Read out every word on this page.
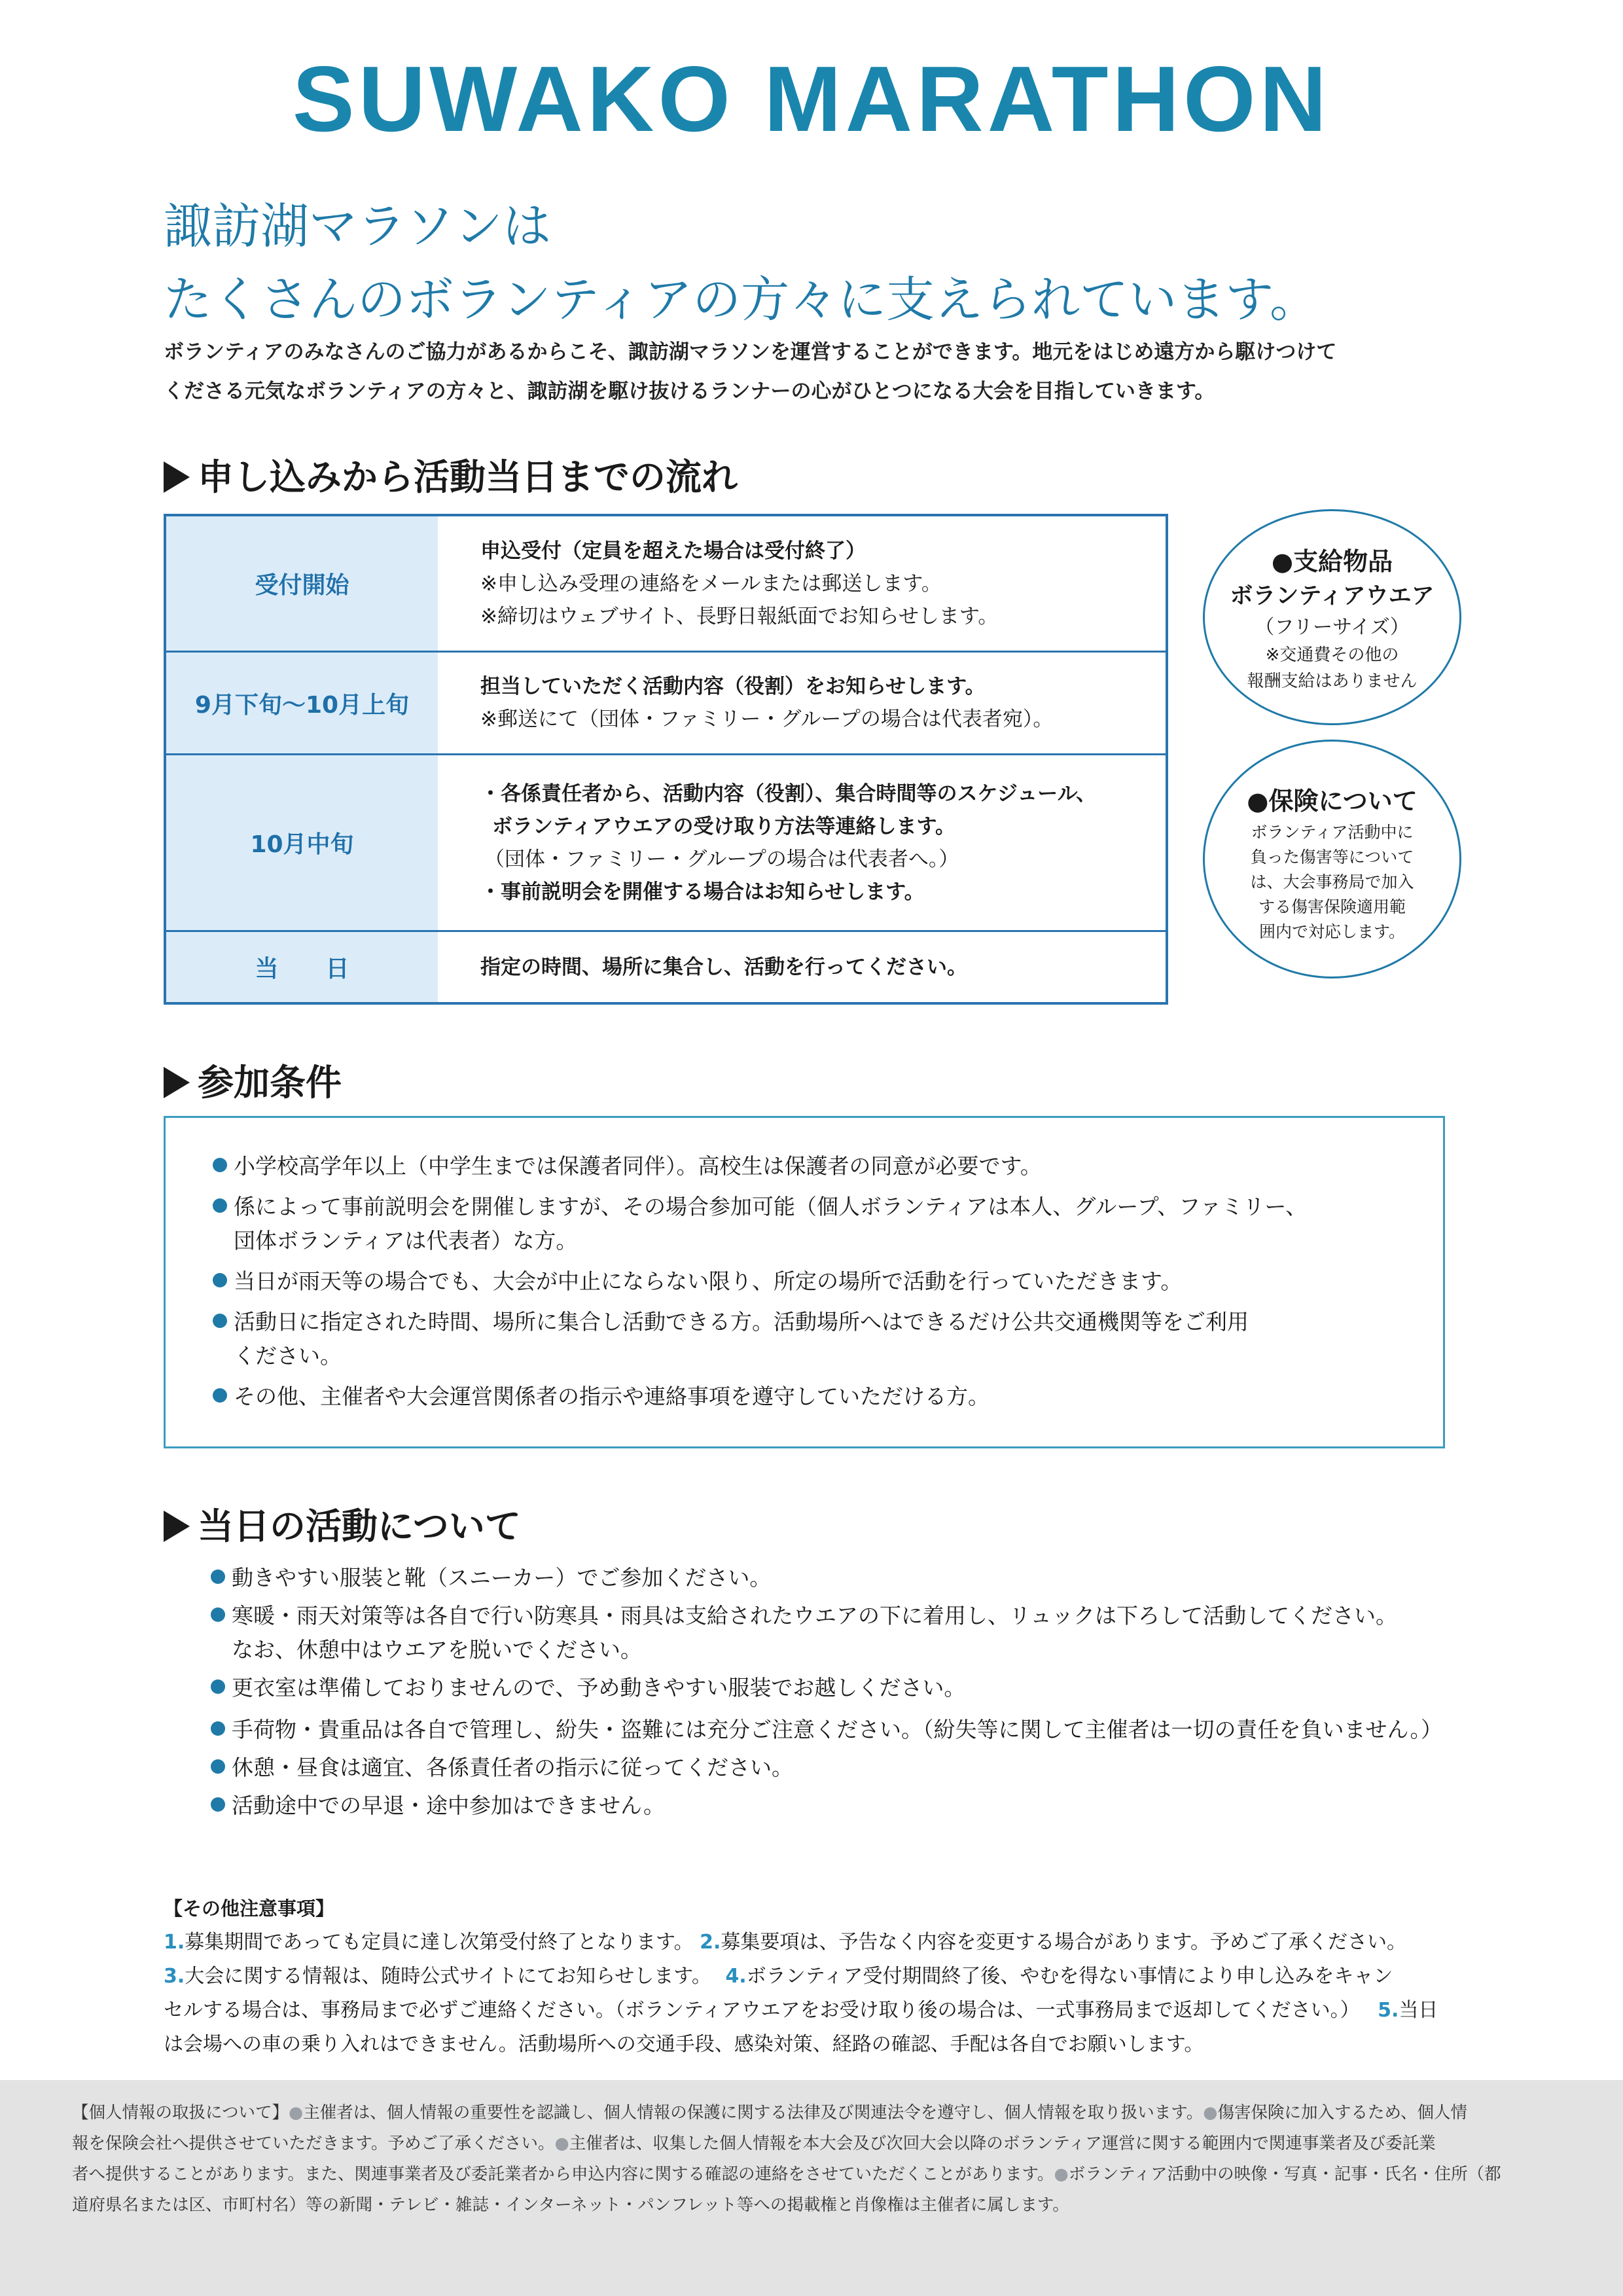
SUWAKO MARATHON
諏訪湖マラソンは
たくさんのボランティアの方々に支えられています。
ボランティアのみなさんのご協力があるからこそ、諏訪湖マラソンを運営することができます。地元をはじめ遠方から駆けつけて
くださる元気なボランティアの方々と、諏訪湖を駆け抜けるランナーの心がひとつになる大会を目指していきます。
申し込みから活動当日までの流れ
受付開始
申込受付（定員を超えた場合は受付終了）
※申し込み受理の連絡をメールまたは郵送します。
※締切はウェブサイト、長野日報紙面でお知らせします。
9月下旬〜10月上旬
担当していただく活動内容（役割）をお知らせします。
※郵送にて（団体・ファミリー・グループの場合は代表者宛）。
10月中旬
・各係責任者から、活動内容（役割）、集合時間等のスケジュール、
ボランティアウエアの受け取り方法等連絡します。
（団体・ファミリー・グループの場合は代表者へ。）
・事前説明会を開催する場合はお知らせします。
当　　日	指定の時間、場所に集合し、活動を行ってください。
●支給物品
ボランティアウエア
（フリーサイズ）
※交通費その他の
報酬支給はありません
●保険について
ボランティア活動中に
負った傷害等について
は、大会事務局で加入
する傷害保険適用範
囲内で対応します。
参加条件
小学校高学年以上（中学生までは保護者同伴）。高校生は保護者の同意が必要です。
係によって事前説明会を開催しますが、その場合参加可能（個人ボランティアは本人、グループ、ファミリー、
団体ボランティアは代表者）な方。
当日が雨天等の場合でも、大会が中止にならない限り、所定の場所で活動を行っていただきます。
活動日に指定された時間、場所に集合し活動できる方。活動場所へはできるだけ公共交通機関等をご利用
ください。
その他、主催者や大会運営関係者の指示や連絡事項を遵守していただける方。
当日の活動について
動きやすい服装と靴（スニーカー）でご参加ください。
寒暖・雨天対策等は各自で行い防寒具・雨具は支給されたウエアの下に着用し、リュックは下ろして活動してください。
なお、休憩中はウエアを脱いでください。
更衣室は準備しておりませんので、予め動きやすい服装でお越しください。
手荷物・貴重品は各自で管理し、紛失・盗難には充分ご注意ください。（紛失等に関して主催者は一切の責任を負いません。）
休憩・昼食は適宜、各係責任者の指示に従ってください。
活動途中での早退・途中参加はできません。
【その他注意事項】
1.募集期間であっても定員に達し次第受付終了となります。 2.募集要項は、予告なく内容を変更する場合があります。予めご了承ください。
3.大会に関する情報は、随時公式サイトにてお知らせします。 4.ボランティア受付期間終了後、やむを得ない事情により申し込みをキャン
セルする場合は、事務局まで必ずご連絡ください。（ボランティアウエアをお受け取り後の場合は、一式事務局まで返却してください。） 5.当日
は会場への車の乗り入れはできません。活動場所への交通手段、感染対策、経路の確認、手配は各自でお願いします。
【個人情報の取扱について】●主催者は、個人情報の重要性を認識し、個人情報の保護に関する法律及び関連法令を遵守し、個人情報を取り扱います。●傷害保険に加入するため、個人情
報を保険会社へ提供させていただきます。予めご了承ください。●主催者は、収集した個人情報を本大会及び次回大会以降のボランティア運営に関する範囲内で関連事業者及び委託業
者へ提供することがあります。また、関連事業者及び委託業者から申込内容に関する確認の連絡をさせていただくことがあります。●ボランティア活動中の映像・写真・記事・氏名・住所（都
道府県名または区、市町村名）等の新聞・テレビ・雑誌・インターネット・パンフレット等への掲載権と肖像権は主催者に属します。
